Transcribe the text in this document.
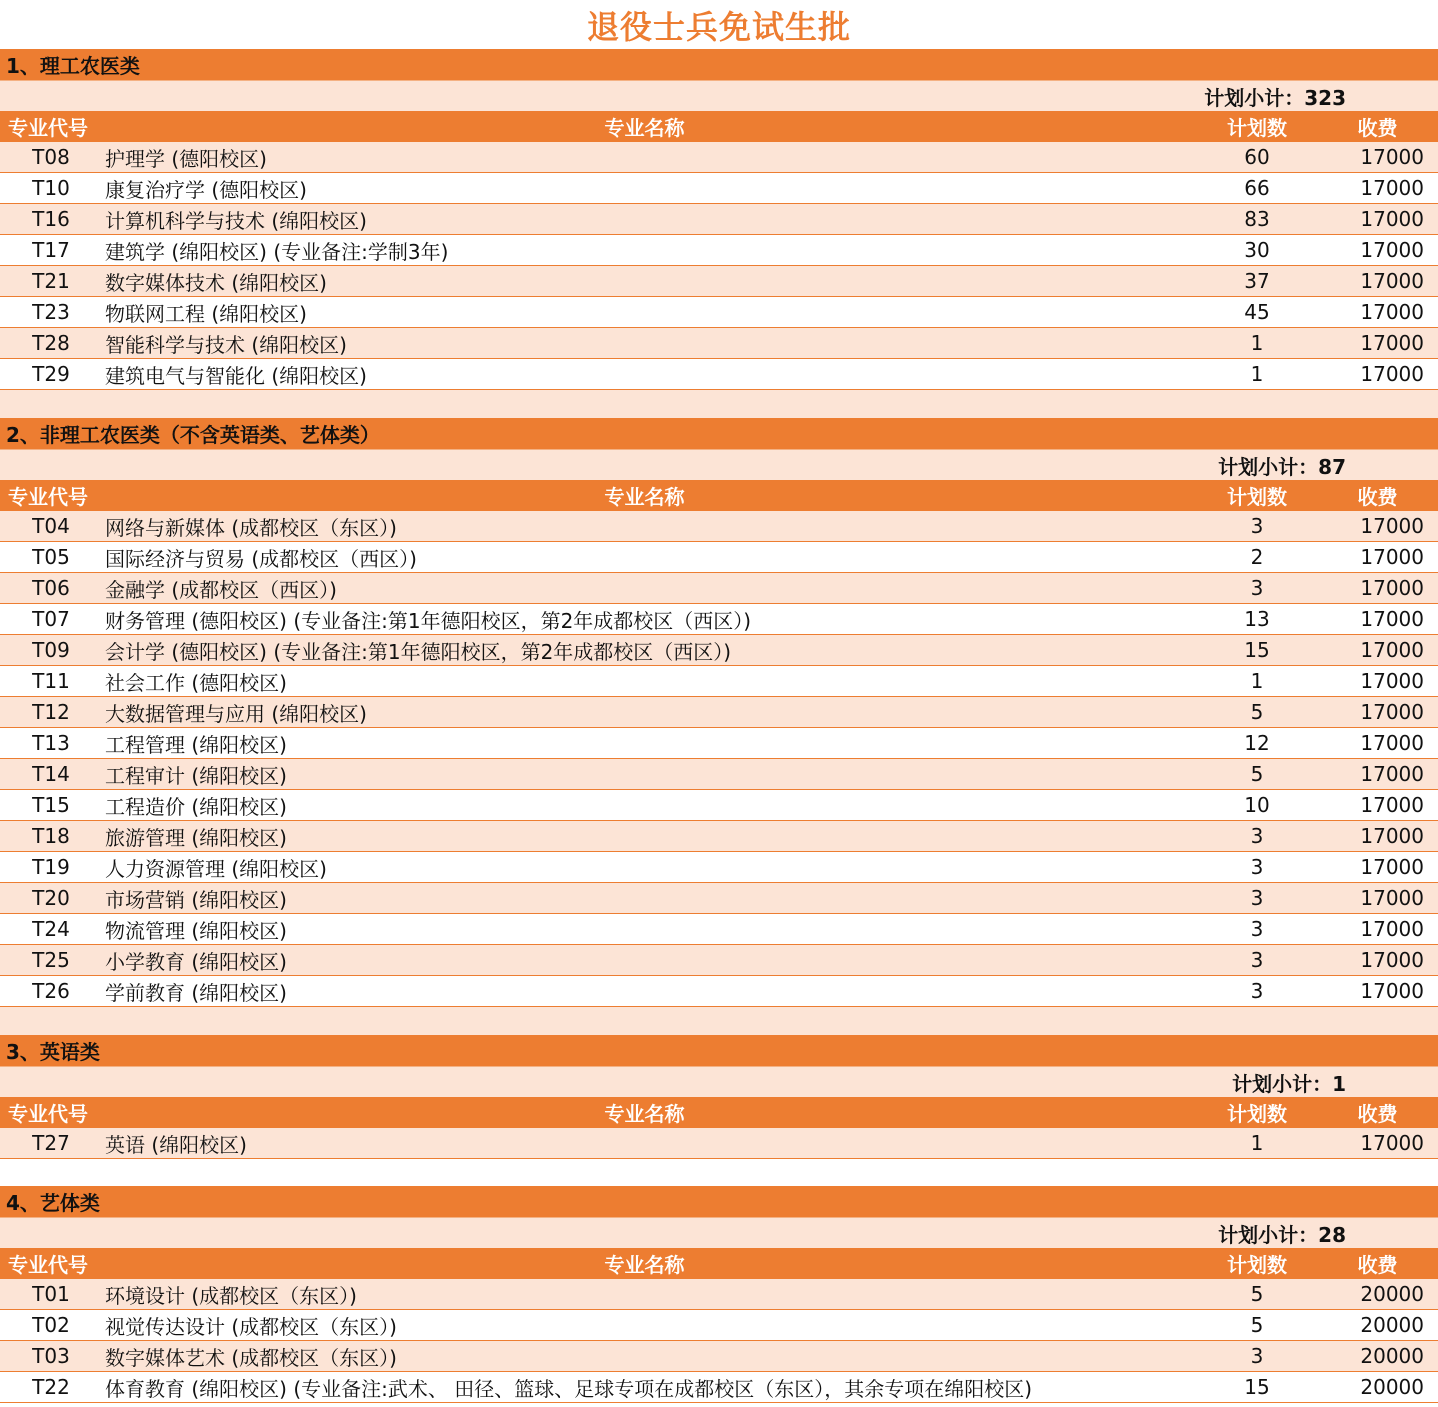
退役士兵免试生批
1、理工农医类
计划小计：323
专业代号	专业名称	计划数	收费
T08	护理学 (德阳校区)	60	17000
T10	康复治疗学 (德阳校区)	66	17000
T16	计算机科学与技术 (绵阳校区)	83	17000
T17	建筑学 (绵阳校区) (专业备注:学制3年)	30	17000
T21	数字媒体技术 (绵阳校区)	37	17000
T23	物联网工程 (绵阳校区)	45	17000
T28	智能科学与技术 (绵阳校区)	1	17000
T29	建筑电气与智能化 (绵阳校区)	1	17000
2、非理工农医类（不含英语类、艺体类）
计划小计：87
专业代号	专业名称	计划数	收费
T04	网络与新媒体 (成都校区（东区）)	3	17000
T05	国际经济与贸易 (成都校区（西区）)	2	17000
T06	金融学 (成都校区（西区）)	3	17000
T07	财务管理 (德阳校区) (专业备注:第1年德阳校区，第2年成都校区（西区）)	13	17000
T09	会计学 (德阳校区) (专业备注:第1年德阳校区，第2年成都校区（西区）)	15	17000
T11	社会工作 (德阳校区)	1	17000
T12	大数据管理与应用 (绵阳校区)	5	17000
T13	工程管理 (绵阳校区)	12	17000
T14	工程审计 (绵阳校区)	5	17000
T15	工程造价 (绵阳校区)	10	17000
T18	旅游管理 (绵阳校区)	3	17000
T19	人力资源管理 (绵阳校区)	3	17000
T20	市场营销 (绵阳校区)	3	17000
T24	物流管理 (绵阳校区)	3	17000
T25	小学教育 (绵阳校区)	3	17000
T26	学前教育 (绵阳校区)	3	17000
3、英语类
计划小计：1
专业代号	专业名称	计划数	收费
T27	英语 (绵阳校区)	1	17000
4、艺体类
计划小计：28
专业代号	专业名称	计划数	收费
T01	环境设计 (成都校区（东区）)	5	20000
T02	视觉传达设计 (成都校区（东区）)	5	20000
T03	数字媒体艺术 (成都校区（东区）)	3	20000
T22	体育教育 (绵阳校区) (专业备注:武术、 田径、篮球、足球专项在成都校区（东区），其余专项在绵阳校区)	15	20000
